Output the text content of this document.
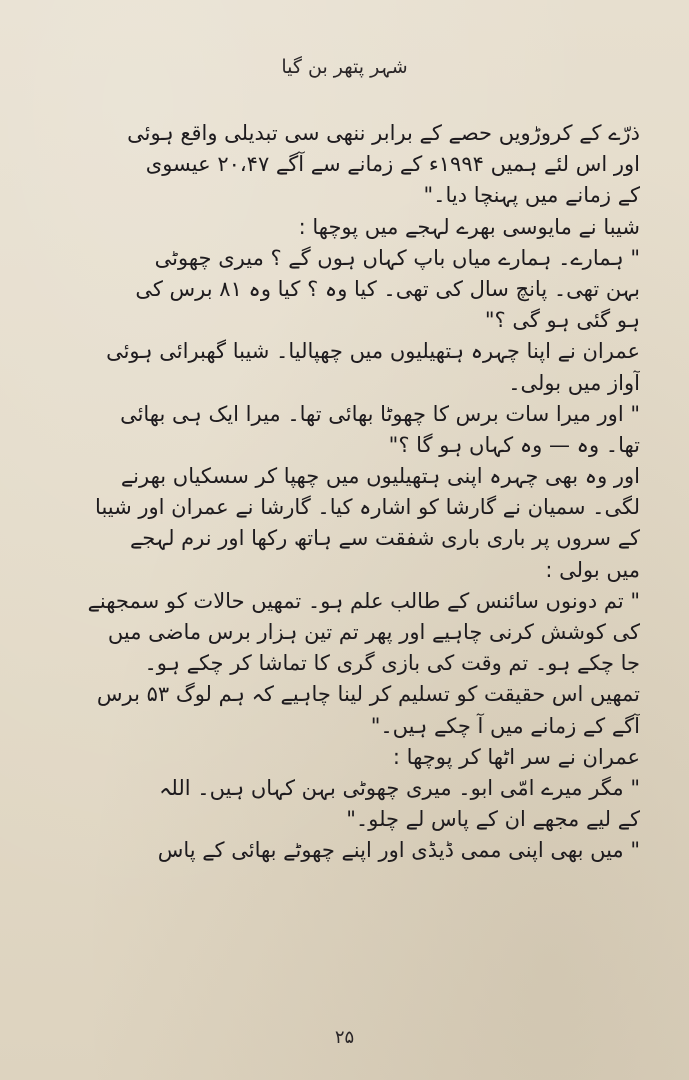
شہر پتھر بن گیا
ذرّے کے کروڑویں حصے کے برابر ننھی سی تبدیلی واقع ہوئی
اور اس لئے ہمیں ۱۹۹۴ء کے زمانے سے آگے ۲۰،۴۷ عیسوی
کے زمانے میں پہنچا دیا۔"
شیبا نے مایوسی بھرے لہجے میں پوچھا :
" ہمارے۔ ہمارے میاں باپ کہاں ہوں گے ؟ میری چھوٹی
بہن تھی۔ پانچ سال کی تھی۔ کیا وہ ؟ کیا وہ ۸۱ برس کی
ہو گئی ہو گی ؟"
عمران نے اپنا چہرہ ہتھیلیوں میں چھپالیا۔ شیبا گھبرائی ہوئی
آواز میں بولی۔
" اور میرا سات برس کا چھوٹا بھائی تھا۔ میرا ایک ہی بھائی
تھا۔ وہ — وہ کہاں ہو گا ؟"
اور وہ بھی چہرہ اپنی ہتھیلیوں میں چھپا کر سسکیاں بھرنے
لگی۔ سمیان نے گارشا کو اشارہ کیا۔ گارشا نے عمران اور شیبا
کے سروں پر باری باری شفقت سے ہاتھ رکھا اور نرم لہجے
میں بولی :
" تم دونوں سائنس کے طالب علم ہو۔ تمھیں حالات کو سمجھنے
کی کوشش کرنی چاہیے اور پھر تم تین ہزار برس ماضی میں
جا چکے ہو۔ تم وقت کی بازی گری کا تماشا کر چکے ہو۔
تمھیں اس حقیقت کو تسلیم کر لینا چاہیے کہ ہم لوگ ۵۳ برس
آگے کے زمانے میں آ چکے ہیں۔"
عمران نے سر اٹھا کر پوچھا :
" مگر میرے امّی ابو۔ میری چھوٹی بہن کہاں ہیں۔ اللہ
کے لیے مجھے ان کے پاس لے چلو۔"
" میں بھی اپنی ممی ڈیڈی اور اپنے چھوٹے بھائی کے پاس
۲۵
